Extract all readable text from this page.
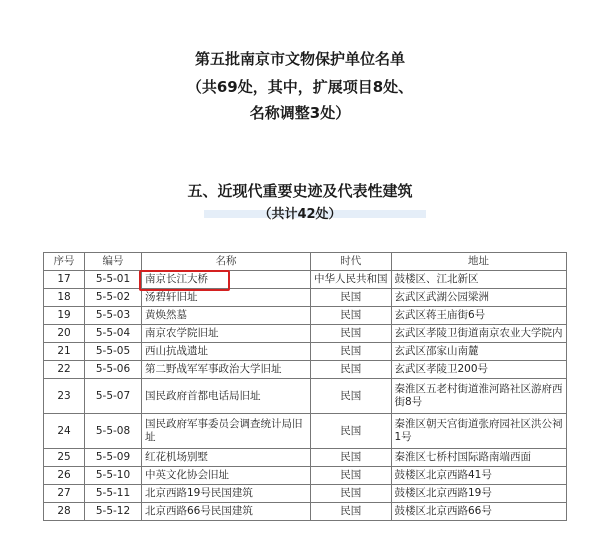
第五批南京市文物保护单位名单
（共69处，其中，扩展项目8处、
名称调整3处）
五、近现代重要史迹及代表性建筑
（共计42处）
序号	编号	名称	时代	地址
17	5-5-01	南京长江大桥	中华人民共和国	鼓楼区、江北新区
18	5-5-02	汤碧轩旧址	民国	玄武区武湖公园梁洲
19	5-5-03	黄焕然墓	民国	玄武区蒋王庙街6号
20	5-5-04	南京农学院旧址	民国	玄武区孝陵卫街道南京农业大学院内
21	5-5-05	西山抗战遗址	民国	玄武区邵家山南麓
22	5-5-06	第二野战军军事政治大学旧址	民国	玄武区孝陵卫200号
23	5-5-07	国民政府首都电话局旧址	民国	秦淮区五老村街道淮河路社区游府西街8号
24	5-5-08	国民政府军事委员会调查统计局旧址	民国	秦淮区朝天宫街道张府园社区洪公祠1号
25	5-5-09	红花机场别墅	民国	秦淮区七桥村国际路南端西面
26	5-5-10	中英文化协会旧址	民国	鼓楼区北京西路41号
27	5-5-11	北京西路19号民国建筑	民国	鼓楼区北京西路19号
28	5-5-12	北京西路66号民国建筑	民国	鼓楼区北京西路66号
